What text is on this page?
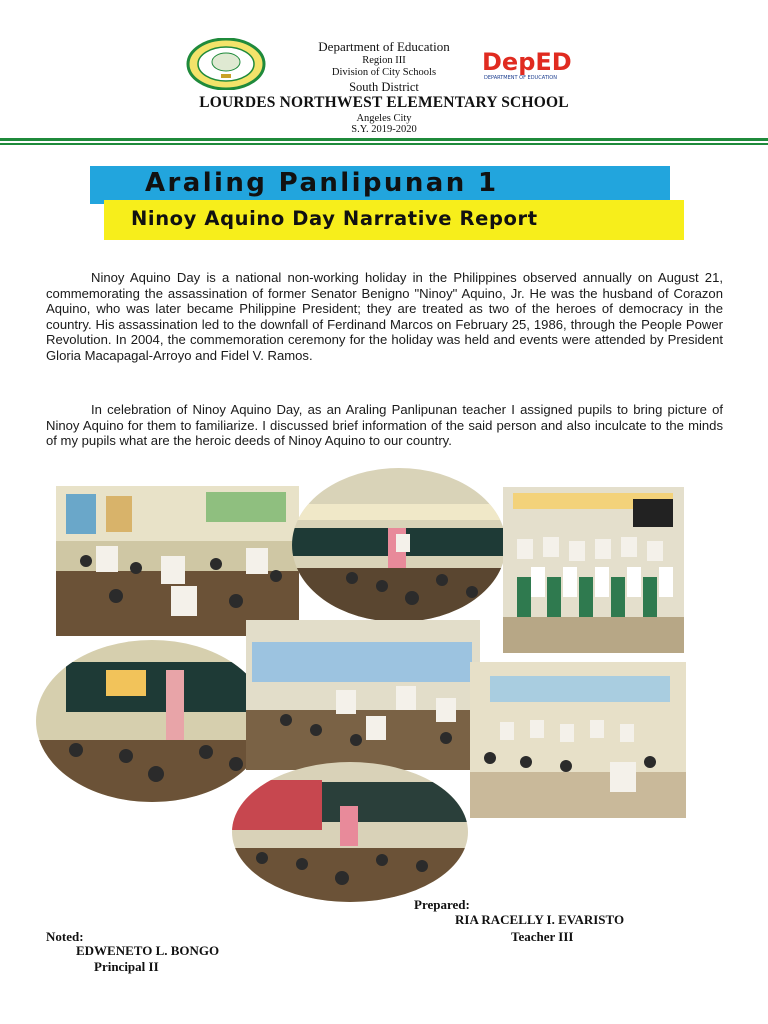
DepED
DEPARTMENT OF EDUCATION
Department of Education
Region III
Division of City Schools
South District
LOURDES NORTHWEST ELEMENTARY SCHOOL
Angeles City
S.Y. 2019-2020
Araling Panlipunan 1
Ninoy Aquino Day Narrative Report

Ninoy Aquino Day is a national non-working holiday in the Philippines observed annually on August 21, commemorating the assassination of former Senator Benigno "Ninoy" Aquino, Jr. He was the husband of Corazon Aquino, who was later became Philippine President; they are treated as two of the heroes of democracy in the country. His assassination led to the downfall of Ferdinand Marcos on February 25, 1986, through the People Power Revolution. In 2004, the commemoration ceremony for the holiday was held and events were attended by President Gloria Macapagal-Arroyo and Fidel V. Ramos.

In celebration of Ninoy Aquino Day, as an Araling Panlipunan teacher I assigned pupils to bring picture of Ninoy Aquino for them to familiarize. I discussed brief information of the said person and also inculcate to the minds of my pupils what are the heroic deeds of Ninoy Aquino to our country.

Prepared:
RIA RACELLY I. EVARISTO
Teacher III
Noted:
EDWENETO L. BONGO
Principal II
